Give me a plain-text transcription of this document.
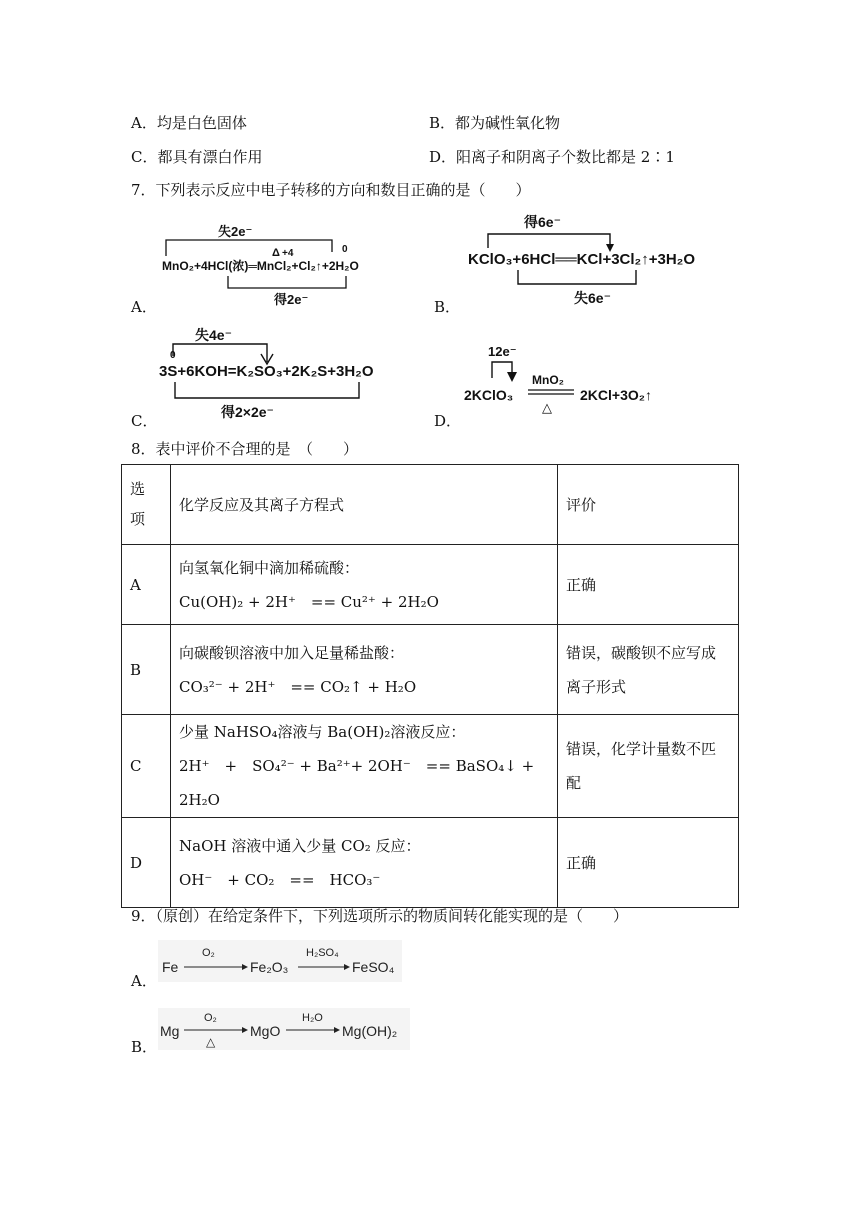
A．均是白色固体	B．都为碱性氧化物
C．都具有漂白作用	D．阳离子和阴离子个数比都是 2∶1
7．下列表示反应中电子转移的方向和数目正确的是（　　）
A．
失2e⁻
Δ +4	0
MnO₂+4HCl(浓)═MnCl₂+Cl₂↑+2H₂O
得2e⁻	B．
得6e⁻
KClO₃+6HCl══KCl+3Cl₂↑+3H₂O
失6e⁻
C．
失4e⁻
0
3S+6KOH=K₂SO₃+2K₂S+3H₂O
得2×2e⁻	D．
12e⁻
2KClO₃
MnO₂
△
2KCl+3O₂↑
8．表中评价不合理的是　（　　）
选项	化学反应及其离子方程式	评价
A	向氢氧化铜中滴加稀硫酸：
Cu(OH)₂ + 2H⁺　== Cu²⁺ + 2H₂O	正确
B	向碳酸钡溶液中加入足量稀盐酸：
CO₃²⁻ + 2H⁺　== CO₂↑ + H₂O	错误，碳酸钡不应写成离子形式

C	少量 NaHSO₄溶液与 Ba(OH)₂溶液反应：
2H⁺　+　SO₄²⁻ + Ba²⁺+ 2OH⁻　== BaSO₄↓ + 2H₂O	错误，化学计量数不匹配

D	NaOH 溶液中通入少量 CO₂ 反应：
OH⁻　+ CO₂　==　HCO₃⁻	正确
9．（原创）在给定条件下，下列选项所示的物质间转化能实现的是（　　）
A．
Fe
O₂
Fe₂O₃
H₂SO₄
FeSO₄
B．
Mg
O₂
△
MgO
H₂O
Mg(OH)₂
